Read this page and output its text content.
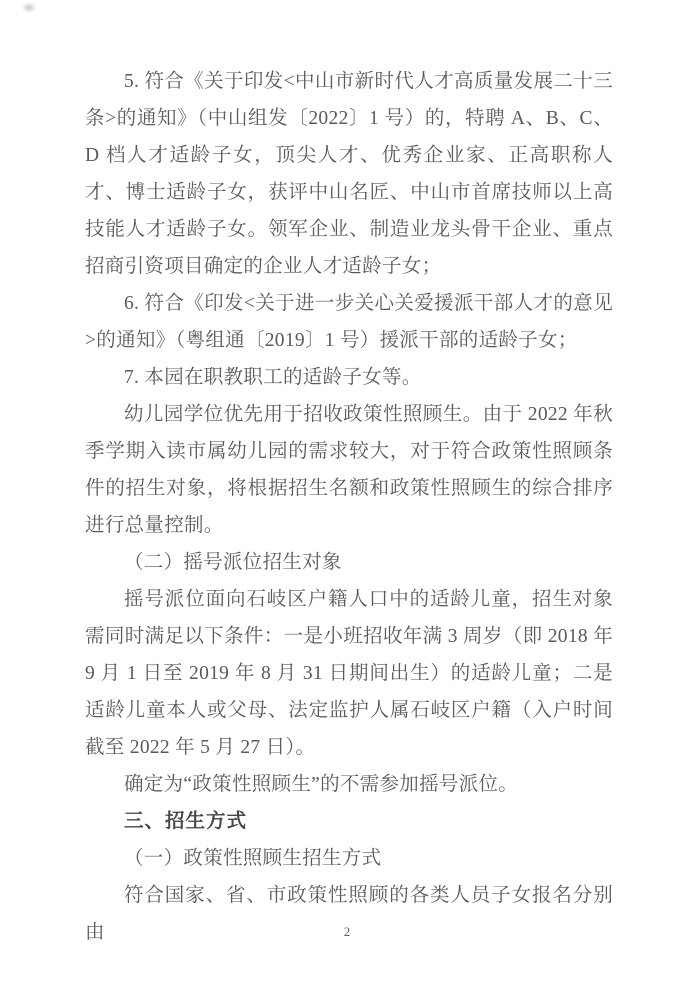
5. 符合《关于印发<中山市新时代人才高质量发展二十三条>的通知》（中山组发〔2022〕1 号）的，特聘 A、B、C、D 档人才适龄子女，顶尖人才、优秀企业家、正高职称人才、博士适龄子女，获评中山名匠、中山市首席技师以上高技能人才适龄子女。领军企业、制造业龙头骨干企业、重点招商引资项目确定的企业人才适龄子女；

6. 符合《印发<关于进一步关心关爱援派干部人才的意见>的通知》（粤组通〔2019〕1 号）援派干部的适龄子女；

7. 本园在职教职工的适龄子女等。

幼儿园学位优先用于招收政策性照顾生。由于 2022 年秋季学期入读市属幼儿园的需求较大，对于符合政策性照顾条件的招生对象，将根据招生名额和政策性照顾生的综合排序进行总量控制。

（二）摇号派位招生对象

摇号派位面向石岐区户籍人口中的适龄儿童，招生对象需同时满足以下条件：一是小班招收年满 3 周岁（即 2018 年 9 月 1 日至 2019 年 8 月 31 日期间出生）的适龄儿童；二是适龄儿童本人或父母、法定监护人属石岐区户籍（入户时间截至 2022 年 5 月 27 日）。

确定为“政策性照顾生”的不需参加摇号派位。

三、招生方式

（一）政策性照顾生招生方式

符合国家、省、市政策性照顾的各类人员子女报名分别由	2
